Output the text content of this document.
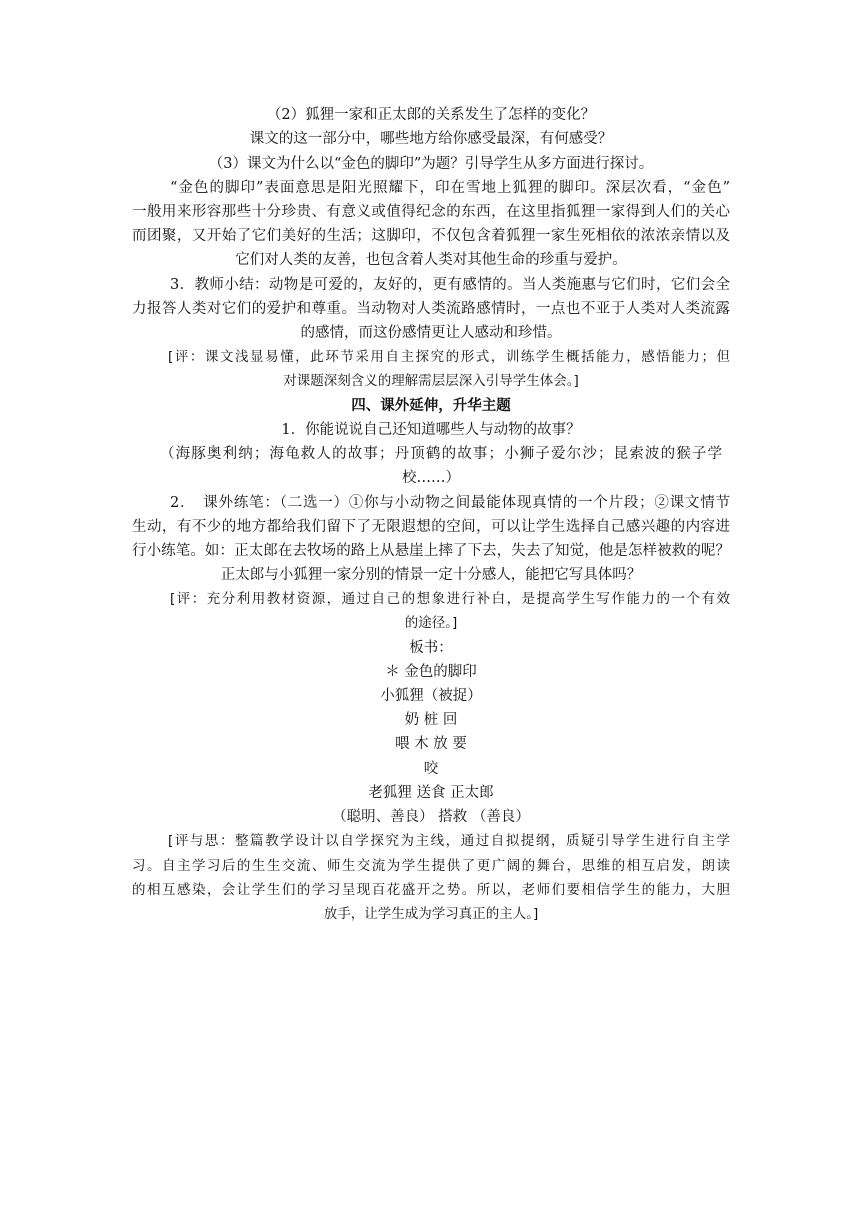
（2）狐狸一家和正太郎的关系发生了怎样的变化？
课文的这一部分中，哪些地方给你感受最深，有何感受？
（3）课文为什么以“金色的脚印”为题？引导学生从多方面进行探讨。
“金色的脚印”表面意思是阳光照耀下，印在雪地上狐狸的脚印。深层次看，“金色”
一般用来形容那些十分珍贵、有意义或值得纪念的东西，在这里指狐狸一家得到人们的关心
而团聚，又开始了它们美好的生活；这脚印，不仅包含着狐狸一家生死相依的浓浓亲情以及
它们对人类的友善，也包含着人类对其他生命的珍重与爱护。
3．教师小结：动物是可爱的，友好的，更有感情的。当人类施惠与它们时，它们会全
力报答人类对它们的爱护和尊重。当动物对人类流路感情时，一点也不亚于人类对人类流露
的感情，而这份感情更让人感动和珍惜。
[评：课文浅显易懂，此环节采用自主探究的形式，训练学生概括能力，感悟能力；但
对课题深刻含义的理解需层层深入引导学生体会。]
四、课外延伸，升华主题
1．你能说说自己还知道哪些人与动物的故事？
（海豚奥利纳；海龟救人的故事；丹顶鹤的故事；小狮子爱尔沙；昆索波的猴子学
校……）
2．　课外练笔：（二选一）①你与小动物之间最能体现真情的一个片段；②课文情节
生动，有不少的地方都给我们留下了无限遐想的空间，可以让学生选择自己感兴趣的内容进
行小练笔。如：正太郎在去牧场的路上从悬崖上摔了下去，失去了知觉，他是怎样被救的呢？
正太郎与小狐狸一家分别的情景一定十分感人，能把它写具体吗？
[评：充分利用教材资源，通过自己的想象进行补白，是提高学生写作能力的一个有效
的途径。]
板书：
＊ 金色的脚印
小狐狸（被捉）
奶 桩 回
喂 木 放 要
咬
老狐狸 送食 正太郎
（聪明、善良） 搭救 （善良）
[评与思：整篇教学设计以自学探究为主线，通过自拟提纲，质疑引导学生进行自主学
习。自主学习后的生生交流、师生交流为学生提供了更广阔的舞台，思维的相互启发，朗读
的相互感染，会让学生们的学习呈现百花盛开之势。所以，老师们要相信学生的能力，大胆
放手，让学生成为学习真正的主人。]
